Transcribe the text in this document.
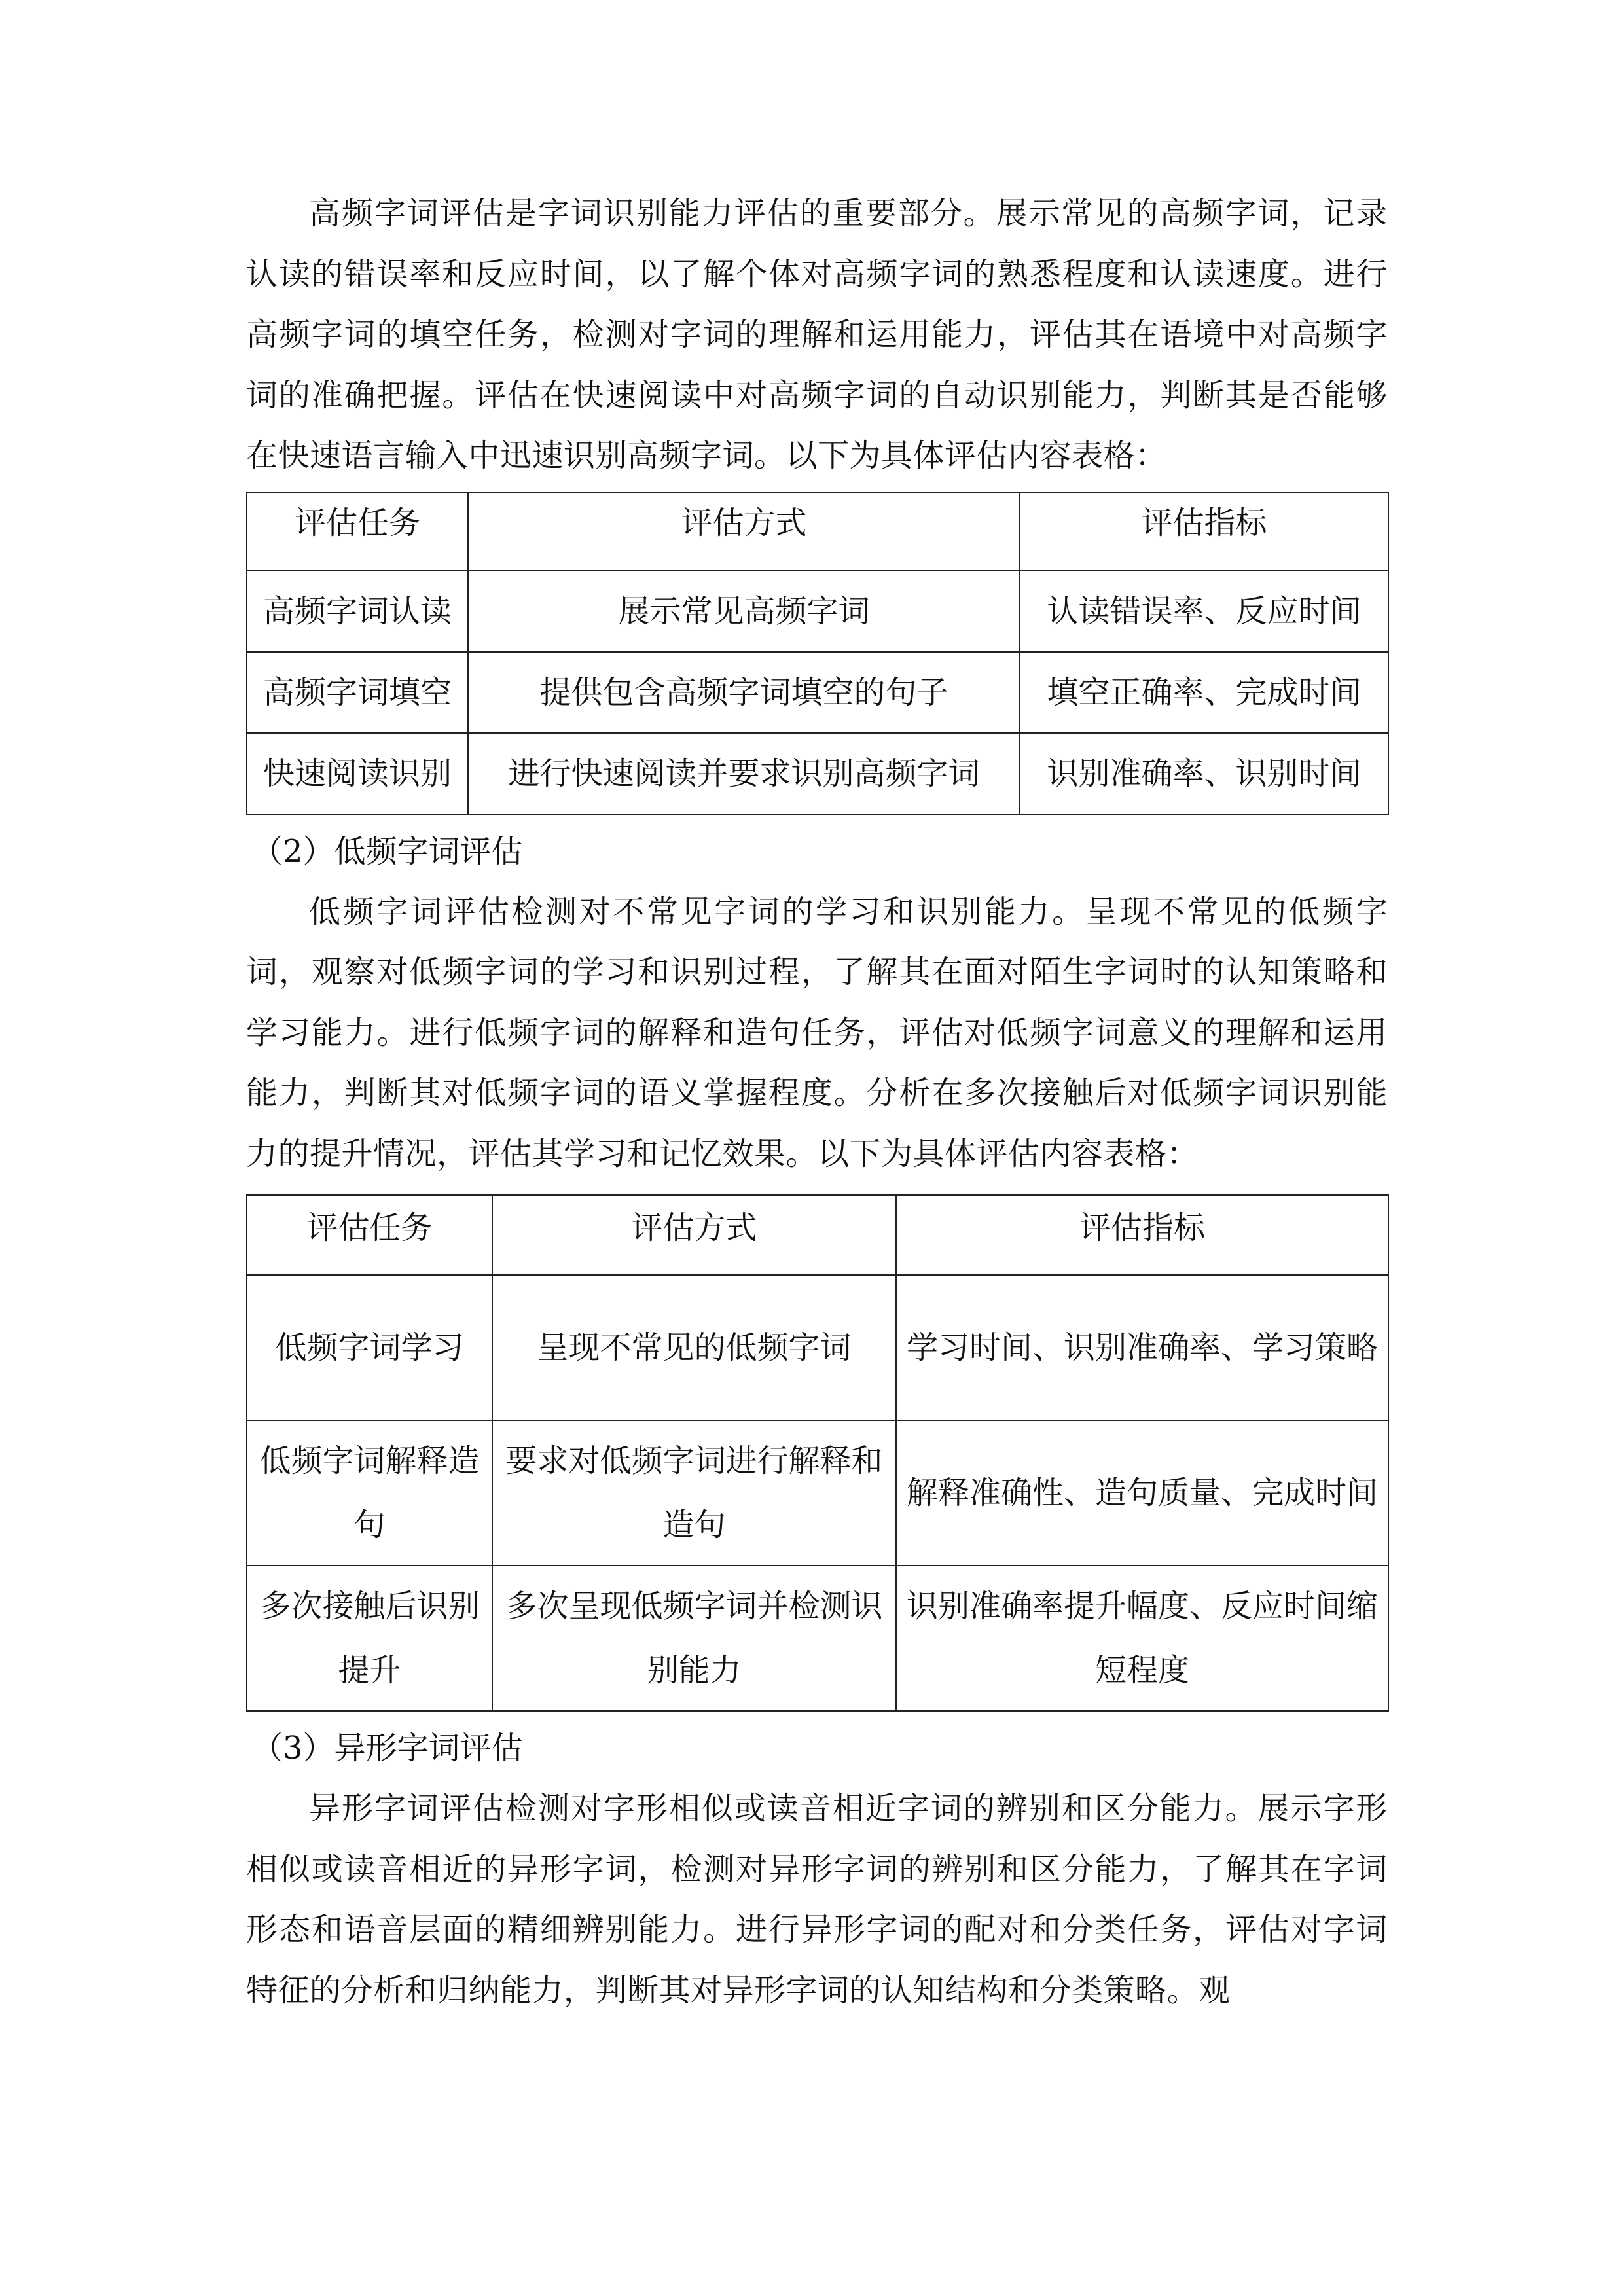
高频字词评估是字词识别能力评估的重要部分。展示常见的高频字词，记录认读的错误率和反应时间，以了解个体对高频字词的熟悉程度和认读速度。进行高频字词的填空任务，检测对字词的理解和运用能力，评估其在语境中对高频字词的准确把握。评估在快速阅读中对高频字词的自动识别能力，判断其是否能够在快速语言输入中迅速识别高频字词。以下为具体评估内容表格：

评估任务	评估方式	评估指标
高频字词认读	展示常见高频字词	认读错误率、反应时间
高频字词填空	提供包含高频字词填空的句子	填空正确率、完成时间
快速阅读识别	进行快速阅读并要求识别高频字词	识别准确率、识别时间

（2）低频字词评估

低频字词评估检测对不常见字词的学习和识别能力。呈现不常见的低频字词，观察对低频字词的学习和识别过程，了解其在面对陌生字词时的认知策略和学习能力。进行低频字词的解释和造句任务，评估对低频字词意义的理解和运用能力，判断其对低频字词的语义掌握程度。分析在多次接触后对低频字词识别能力的提升情况，评估其学习和记忆效果。以下为具体评估内容表格：

评估任务	评估方式	评估指标
低频字词学习	呈现不常见的低频字词	学习时间、识别准确率、学习策略
低频字词解释造句	要求对低频字词进行解释和造句	解释准确性、造句质量、完成时间
多次接触后识别提升	多次呈现低频字词并检测识别能力	识别准确率提升幅度、反应时间缩短程度

（3）异形字词评估

异形字词评估检测对字形相似或读音相近字词的辨别和区分能力。展示字形相似或读音相近的异形字词，检测对异形字词的辨别和区分能力，了解其在字词形态和语音层面的精细辨别能力。进行异形字词的配对和分类任务，评估对字词特征的分析和归纳能力，判断其对异形字词的认知结构和分类策略。观
